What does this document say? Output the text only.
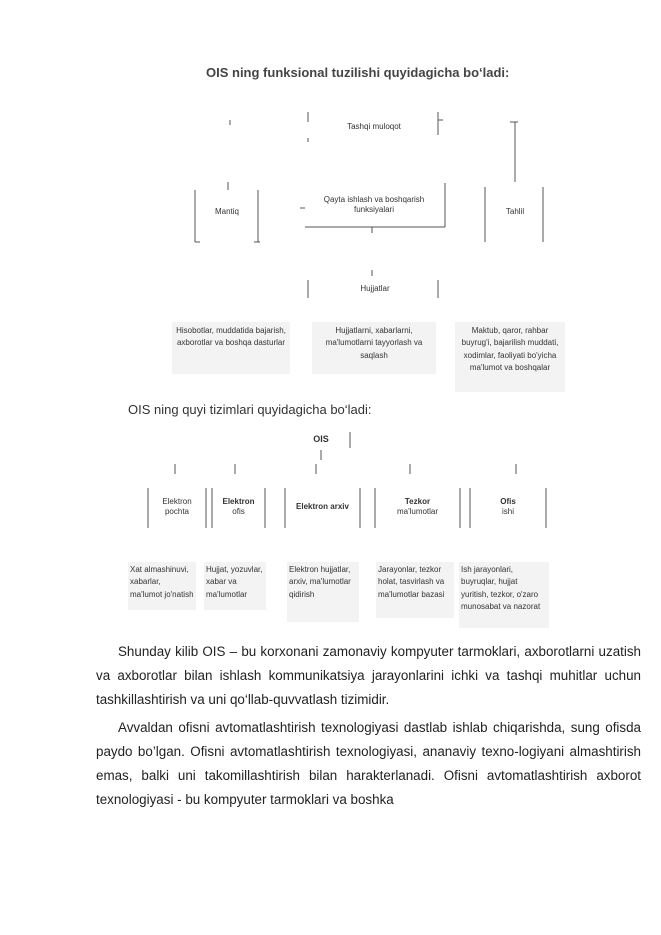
OIS ning funksional tuzilishi quyidagicha bo‘ladi:
Tashqi muloqot
Mantiq
Qayta ishlash va boshqarish funksiyalari	Tahlil
Hujjatlar
Hisobotlar, muddatida bajarish, axborotlar va boshqa dasturlar
Hujjatlarni, xabarlarni, ma'lumotlarni tayyorlash va saqlash
Maktub, qaror, rahbar buyrug'i, bajarilish muddati, xodimlar, faoliyati bo'yicha ma'lumot va boshqalar
OIS ning quyi tizimlari quyidagicha bo‘ladi:
OIS
Elektron pochta
Elektron
ofis
Elektron arxiv
Tezkor
ma'lumotlar
Ofis
ishi
Xat almashinuvi, xabarlar, ma'lumot jo'natish
Hujjat, yozuvlar, xabar va ma'lumotlar
Elektron hujjatlar, arxiv, ma'lumotlar qidirish
Jarayonlar, tezkor holat, tasvirlash va ma'lumotlar bazasi
Ish jarayonlari, buyruqlar, hujjat yuritish, tezkor, o'zaro munosabat va nazorat
Shunday kilib OIS – bu korxonani zamonaviy kompyuter tarmoklari, axborotlarni uzatish va axborotlar bilan ishlash kommunikatsiya jarayonlarini ichki va tashqi muhitlar uchun tashkillashtirish va uni qo‘llab-quvvatlash tizimidir.
Avvaldan ofisni avtomatlashtirish texnologiyasi dastlab ishlab chiqarishda, sung ofisda paydo bo’lgan. Ofisni avtomatlashtirish texnologiyasi, ananaviy texno-logiyani almashtirish emas, balki uni takomillashtirish bilan harakterlanadi. Ofisni avtomatlashtirish axborot texnologiyasi - bu kompyuter tarmoklari va boshka
